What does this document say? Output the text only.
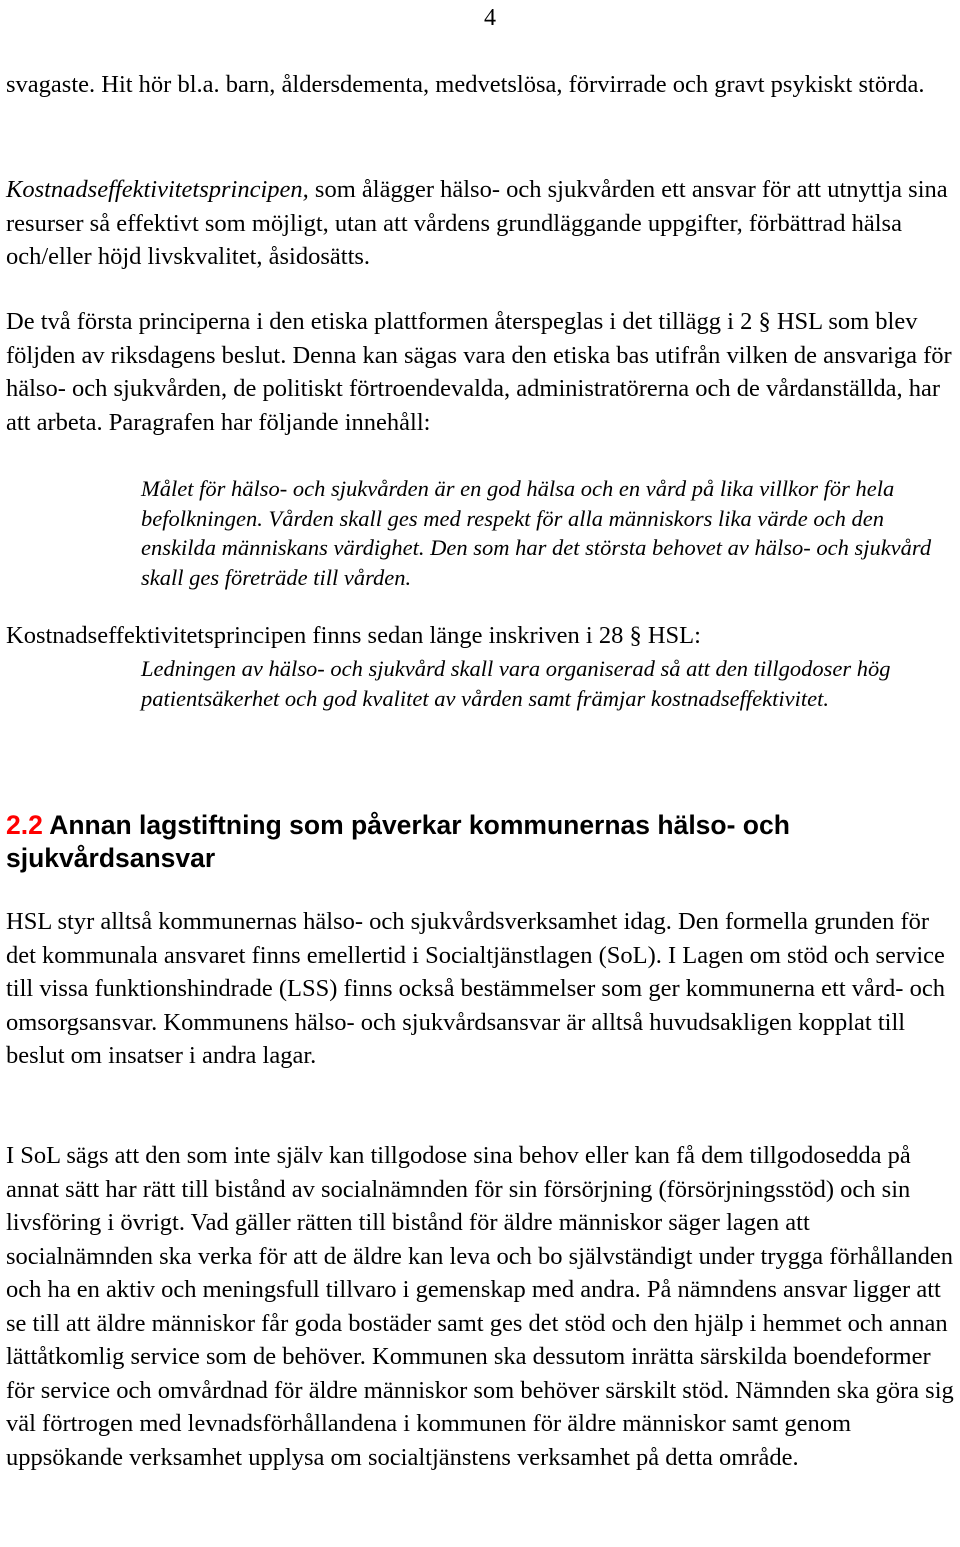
4

svagaste. Hit hör bl.a. barn, åldersdementa, medvetslösa, förvirrade och gravt psykiskt störda.

Kostnadseffektivitetsprincipen, som ålägger hälso- och sjukvården ett ansvar för att utnyttja sina resurser så effektivt som möjligt, utan att vårdens grundläggande uppgifter, förbättrad hälsa och/eller höjd livskvalitet, åsidosätts.

De två första principerna i den etiska plattformen återspeglas i det tillägg i 2 § HSL som blev följden av riksdagens beslut. Denna kan sägas vara den etiska bas utifrån vilken de ansvariga för hälso- och sjukvården, de politiskt förtroendevalda, administratörerna och de vårdanställda, har att arbeta. Paragrafen har följande innehåll:

Målet för hälso- och sjukvården är en god hälsa och en vård på lika villkor för hela befolkningen. Vården skall ges med respekt för alla människors lika värde och den enskilda människans värdighet. Den som har det största behovet av hälso- och sjukvård skall ges företräde till vården.

Kostnadseffektivitetsprincipen finns sedan länge inskriven i 28 § HSL:

Ledningen av hälso- och sjukvård skall vara organiserad så att den tillgodoser hög patientsäkerhet och god kvalitet av vården samt främjar kostnadseffektivitet.
2.2 Annan lagstiftning som påverkar kommunernas hälso- och sjukvårdsansvar

HSL styr alltså kommunernas hälso- och sjukvårdsverksamhet idag. Den formella grunden för det kommunala ansvaret finns emellertid i Socialtjänstlagen (SoL). I Lagen om stöd och service till vissa funktionshindrade (LSS) finns också bestämmelser som ger kommunerna ett vård- och omsorgsansvar. Kommunens hälso- och sjukvårdsansvar är alltså huvudsakligen kopplat till beslut om insatser i andra lagar.

I SoL sägs att den som inte själv kan tillgodose sina behov eller kan få dem tillgodosedda på annat sätt har rätt till bistånd av socialnämnden för sin försörjning (försörjningsstöd) och sin livsföring i övrigt. Vad gäller rätten till bistånd för äldre människor säger lagen att socialnämnden ska verka för att de äldre kan leva och bo självständigt under trygga förhållanden och ha en aktiv och meningsfull tillvaro i gemenskap med andra. På nämndens ansvar ligger att se till att äldre människor får goda bostäder samt ges det stöd och den hjälp i hemmet och annan lättåtkomlig service som de behöver. Kommunen ska dessutom inrätta särskilda boendeformer för service och omvårdnad för äldre människor som behöver särskilt stöd. Nämnden ska göra sig väl förtrogen med levnadsförhållandena i kommunen för äldre människor samt genom uppsökande verksamhet upplysa om socialtjänstens verksamhet på detta område.
